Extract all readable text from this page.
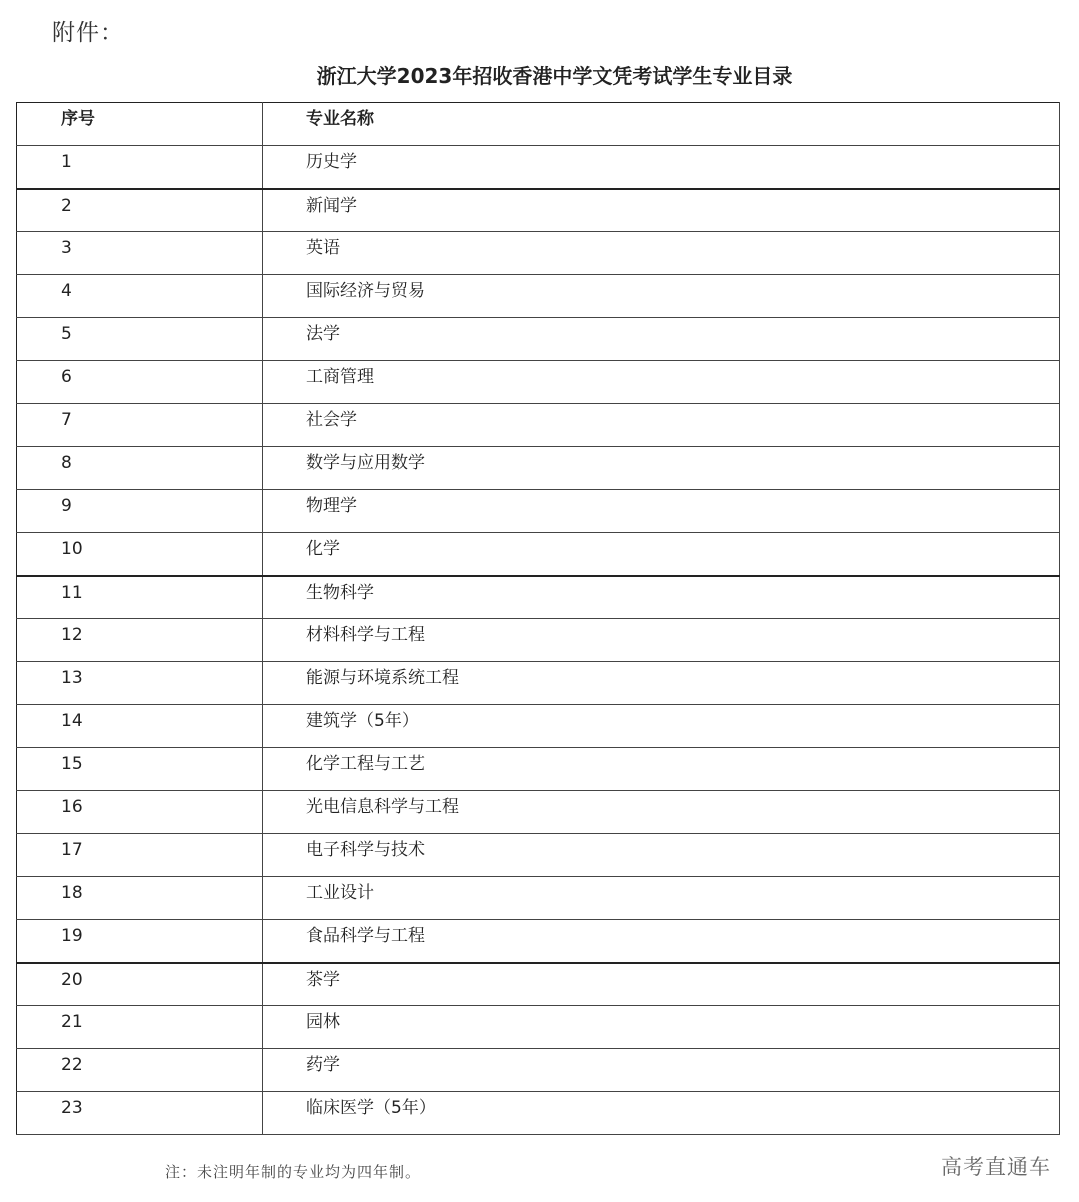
附件：
浙江大学2023年招收香港中学文凭考试学生专业目录
序号	专业名称
1	历史学
2	新闻学
3	英语
4	国际经济与贸易
5	法学
6	工商管理
7	社会学
8	数学与应用数学
9	物理学
10	化学
11	生物科学
12	材料科学与工程
13	能源与环境系统工程
14	建筑学（5年）
15	化学工程与工艺
16	光电信息科学与工程
17	电子科学与技术
18	工业设计
19	食品科学与工程
20	茶学
21	园林
22	药学
23	临床医学（5年）
注：未注明年制的专业均为四年制。	高考直通车
